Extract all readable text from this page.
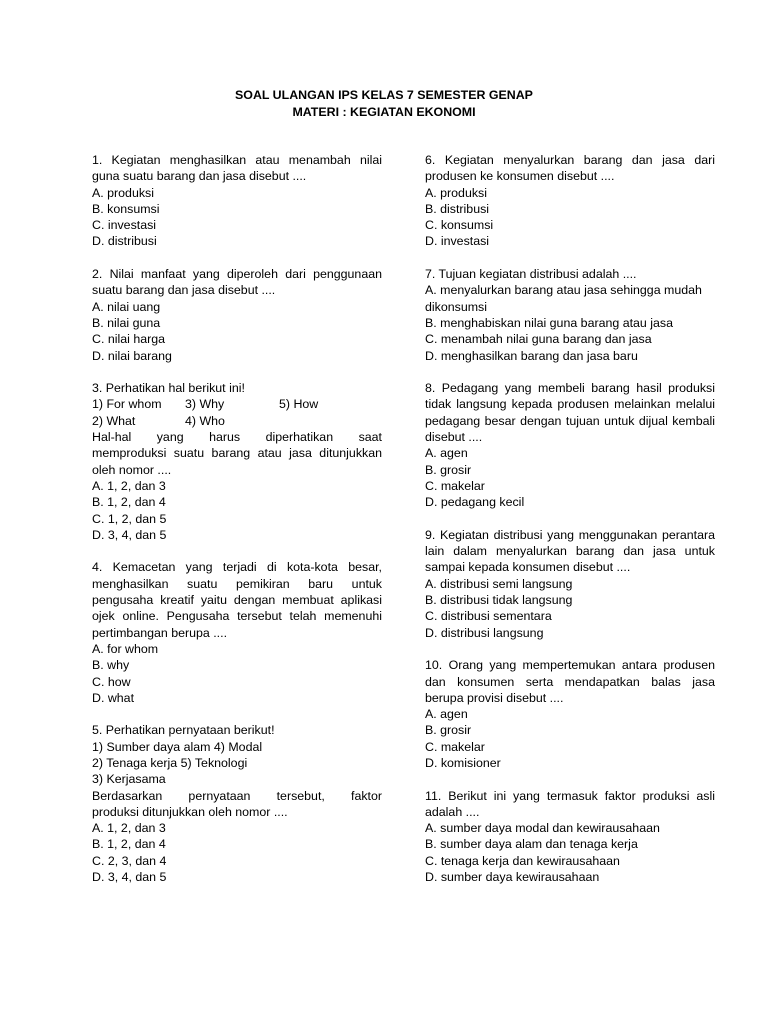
SOAL ULANGAN IPS KELAS 7 SEMESTER GENAP
MATERI : KEGIATAN EKONOMI

1. Kegiatan menghasilkan atau menambah nilai guna suatu barang dan jasa disebut ....

A. produksi

B. konsumsi

C. investasi

D. distribusi

2. Nilai manfaat yang diperoleh dari penggunaan suatu barang dan jasa disebut ....

A. nilai uang

B. nilai guna

C. nilai harga

D. nilai barang

3. Perhatikan hal berikut ini!

1) For whom	3) Why	5) How
2) What	4) Who

Hal-hal yang harus diperhatikan saat

memproduksi suatu barang atau jasa ditunjukkan oleh nomor ....

A. 1, 2, dan 3

B. 1, 2, dan 4

C. 1, 2, dan 5

D. 3, 4, dan 5

4. Kemacetan yang terjadi di kota-kota besar, menghasilkan suatu pemikiran baru untuk pengusaha kreatif yaitu dengan membuat aplikasi ojek online. Pengusaha tersebut telah memenuhi pertimbangan berupa ....

A. for whom

B. why

C. how

D. what

5. Perhatikan pernyataan berikut!

1) Sumber daya alam 4) Modal

2) Tenaga kerja 5) Teknologi

3) Kerjasama

Berdasarkan pernyataan tersebut, faktor

produksi ditunjukkan oleh nomor ....

A. 1, 2, dan 3

B. 1, 2, dan 4

C. 2, 3, dan 4

D. 3, 4, dan 5

6. Kegiatan menyalurkan barang dan jasa dari produsen ke konsumen disebut ....

A. produksi

B. distribusi

C. konsumsi

D. investasi

7. Tujuan kegiatan distribusi adalah ....

A. menyalurkan barang atau jasa sehingga mudah dikonsumsi

B. menghabiskan nilai guna barang atau jasa

C. menambah nilai guna barang dan jasa

D. menghasilkan barang dan jasa baru

8. Pedagang yang membeli barang hasil produksi tidak langsung kepada produsen melainkan melalui pedagang besar dengan tujuan untuk dijual kembali disebut ....

A. agen

B. grosir

C. makelar

D. pedagang kecil

9. Kegiatan distribusi yang menggunakan perantara lain dalam menyalurkan barang dan jasa untuk sampai kepada konsumen disebut ....

A. distribusi semi langsung

B. distribusi tidak langsung

C. distribusi sementara

D. distribusi langsung

10. Orang yang mempertemukan antara produsen dan konsumen serta mendapatkan balas jasa berupa provisi disebut ....

A. agen

B. grosir

C. makelar

D. komisioner

11. Berikut ini yang termasuk faktor produksi asli adalah ....

A. sumber daya modal dan kewirausahaan

B. sumber daya alam dan tenaga kerja

C. tenaga kerja dan kewirausahaan

D. sumber daya kewirausahaan
